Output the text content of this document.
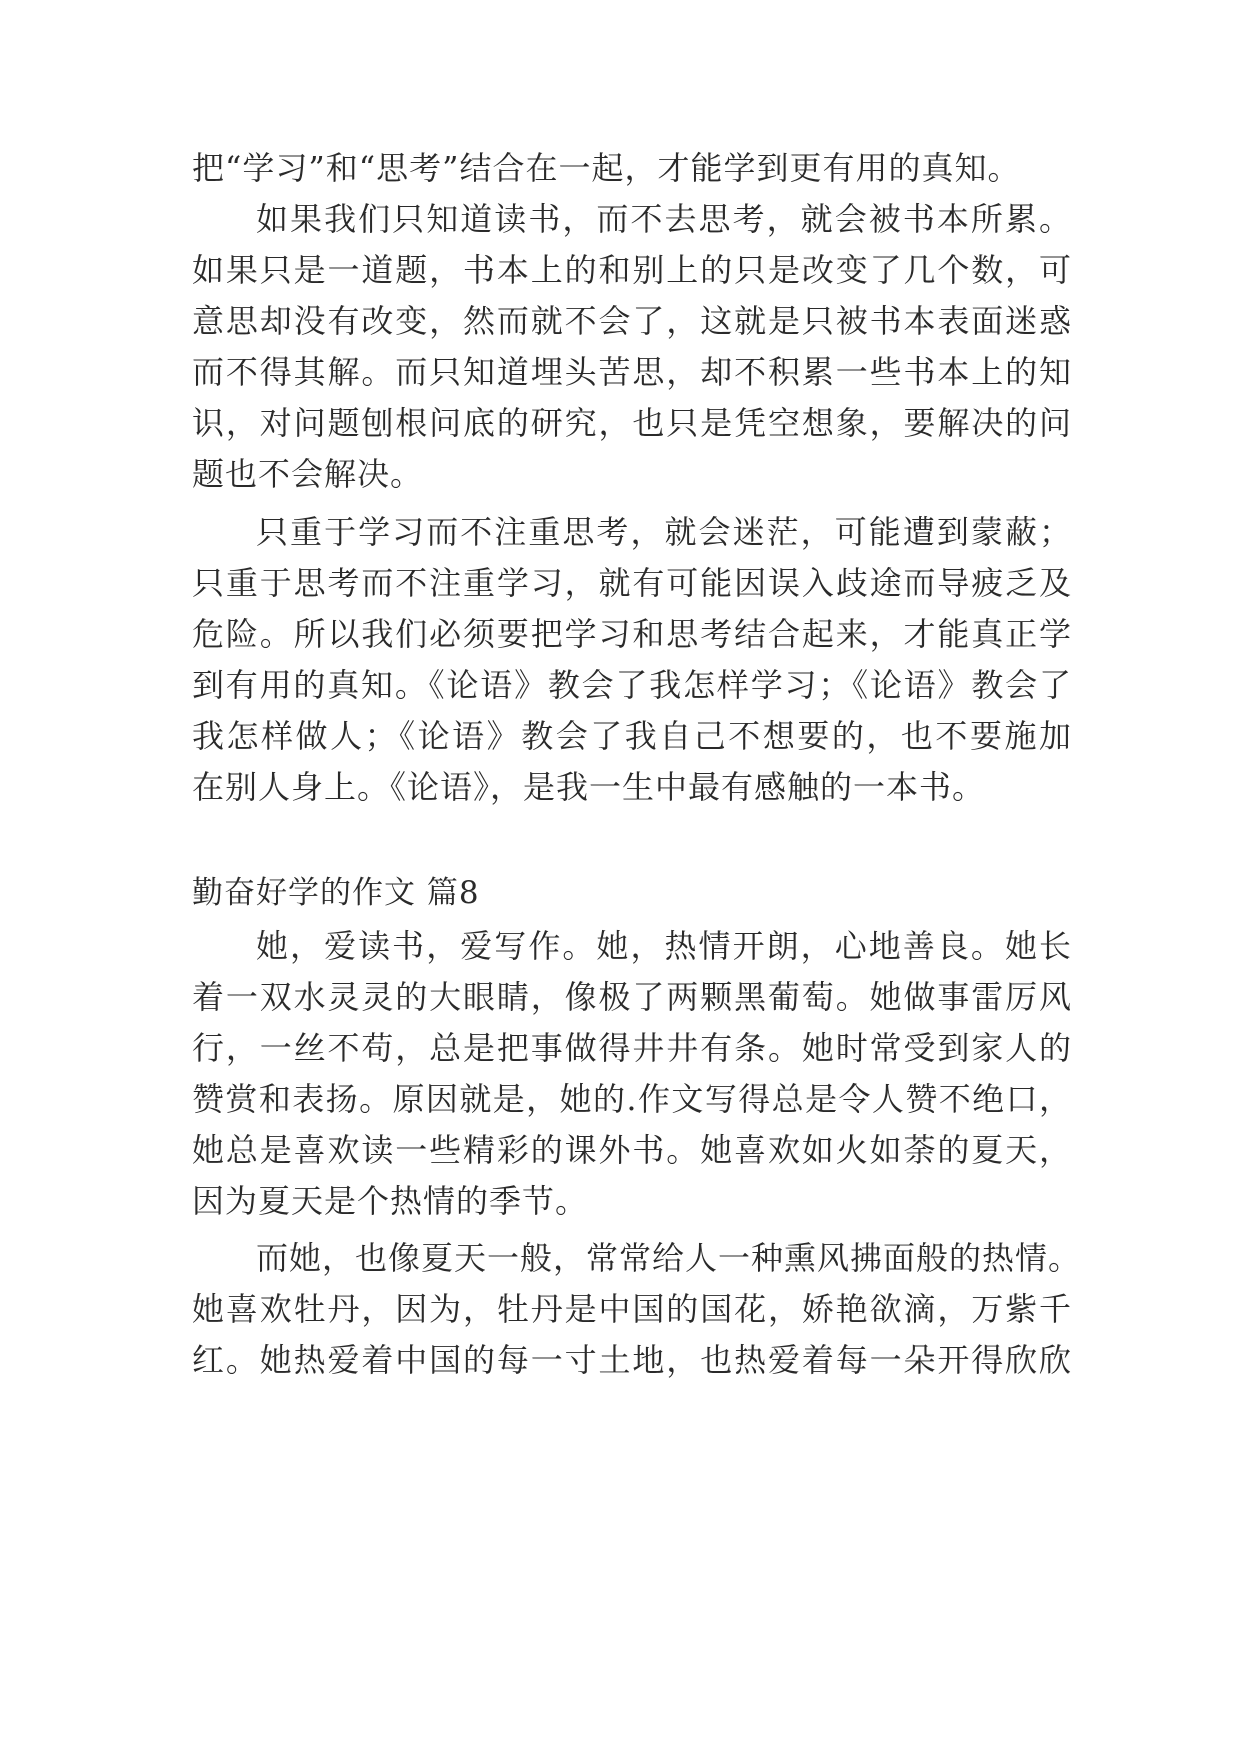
把“学习”和“思考”结合在一起，才能学到更有用的真知。
如果我们只知道读书，而不去思考，就会被书本所累。
如果只是一道题，书本上的和别上的只是改变了几个数，可
意思却没有改变，然而就不会了，这就是只被书本表面迷惑
而不得其解。而只知道埋头苦思，却不积累一些书本上的知
识，对问题刨根问底的研究，也只是凭空想象，要解决的问
题也不会解决。
只重于学习而不注重思考，就会迷茫，可能遭到蒙蔽；
只重于思考而不注重学习，就有可能因误入歧途而导疲乏及
危险。所以我们必须要把学习和思考结合起来，才能真正学
到有用的真知。《论语》教会了我怎样学习；《论语》教会了
我怎样做人；《论语》教会了我自己不想要的，也不要施加
在别人身上。《论语》，是我一生中最有感触的一本书。
勤奋好学的作文 篇8
她，爱读书，爱写作。她，热情开朗，心地善良。她长
着一双水灵灵的大眼睛，像极了两颗黑葡萄。她做事雷厉风
行，一丝不苟，总是把事做得井井有条。她时常受到家人的
赞赏和表扬。原因就是，她的.作文写得总是令人赞不绝口，
她总是喜欢读一些精彩的课外书。她喜欢如火如荼的夏天，
因为夏天是个热情的季节。
而她，也像夏天一般，常常给人一种熏风拂面般的热情。
她喜欢牡丹，因为，牡丹是中国的国花，娇艳欲滴，万紫千
红。她热爱着中国的每一寸土地，也热爱着每一朵开得欣欣
